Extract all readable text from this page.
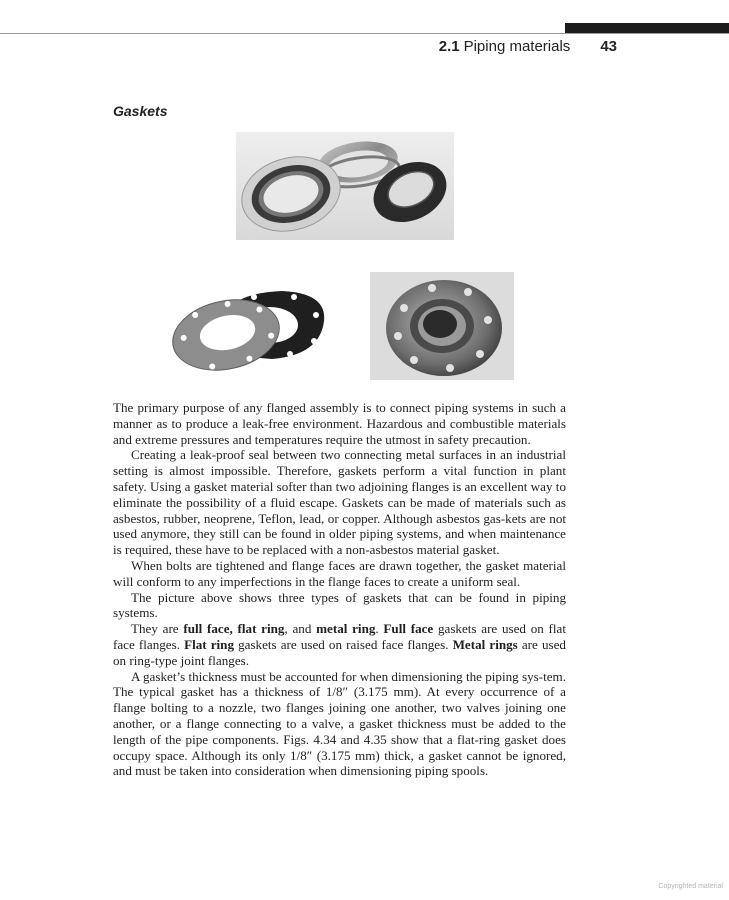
2.1 Piping materials 43
Gaskets

The primary purpose of any flanged assembly is to connect piping systems in such a manner as to produce a leak-free environment. Hazardous and combustible materials and extreme pressures and temperatures require the utmost in safety precaution.

Creating a leak-proof seal between two connecting metal surfaces in an industrial setting is almost impossible. Therefore, gaskets perform a vital function in plant safety. Using a gasket material softer than two adjoining flanges is an excellent way to eliminate the possibility of a fluid escape. Gaskets can be made of materials such as asbestos, rubber, neoprene, Teflon, lead, or copper. Although asbestos gas-kets are not used anymore, they still can be found in older piping systems, and when maintenance is required, these have to be replaced with a non-asbestos material gasket.

When bolts are tightened and flange faces are drawn together, the gasket material will conform to any imperfections in the flange faces to create a uniform seal.

The picture above shows three types of gaskets that can be found in piping systems.

They are full face, flat ring, and metal ring. Full face gaskets are used on flat face flanges. Flat ring gaskets are used on raised face flanges. Metal rings are used on ring-type joint flanges.

A gasket’s thickness must be accounted for when dimensioning the piping sys-tem. The typical gasket has a thickness of 1/8″ (3.175 mm). At every occurrence of a flange bolting to a nozzle, two flanges joining one another, two valves joining one another, or a flange connecting to a valve, a gasket thickness must be added to the length of the pipe components. Figs. 4.34 and 4.35 show that a flat-ring gasket does occupy space. Although its only 1/8″ (3.175 mm) thick, a gasket cannot be ignored, and must be taken into consideration when dimensioning piping spools.

Copyrighted material
